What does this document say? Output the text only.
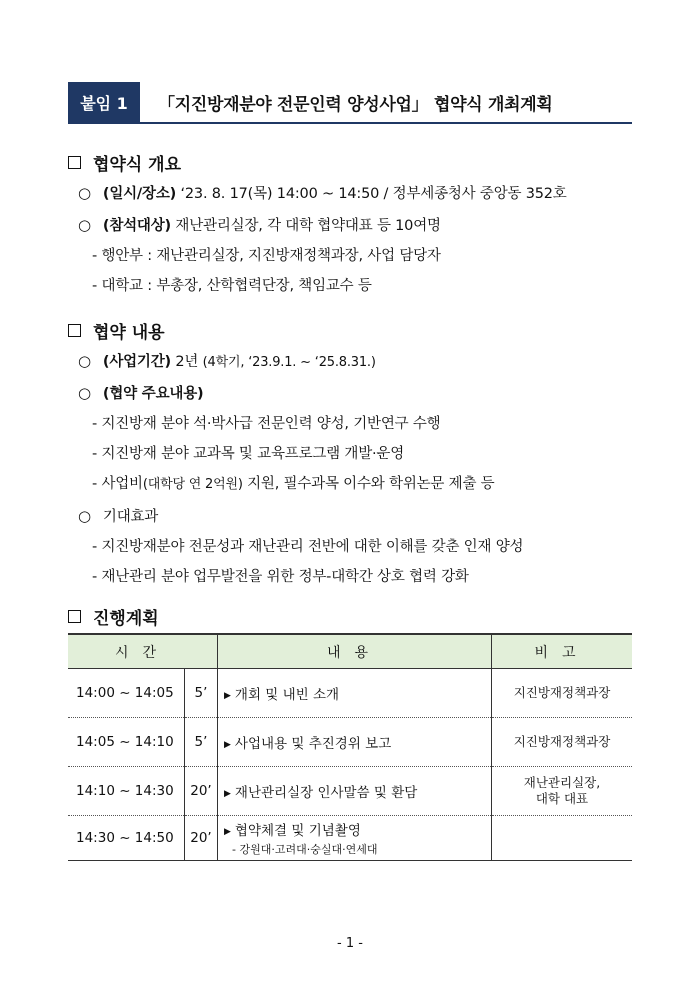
붙임 1	「지진방재분야 전문인력 양성사업」 협약식 개최계획
협약식 개요
○ (일시/장소) ‘23. 8. 17(목) 14:00 ~ 14:50 / 정부세종청사 중앙동 352호
○ (참석대상) 재난관리실장, 각 대학 협약대표 등 10여명
- 행안부 : 재난관리실장, 지진방재정책과장, 사업 담당자
- 대학교 : 부총장, 산학협력단장, 책임교수 등
협약 내용
○ (사업기간) 2년 (4학기, ‘23.9.1. ~ ‘25.8.31.)
○ (협약 주요내용)
- 지진방재 분야 석·박사급 전문인력 양성, 기반연구 수행
- 지진방재 분야 교과목 및 교육프로그램 개발·운영
- 사업비(대학당 연 2억원) 지원, 필수과목 이수와 학위논문 제출 등
○ 기대효과
- 지진방재분야 전문성과 재난관리 전반에 대한 이해를 갖춘 인재 양성
- 재난관리 분야 업무발전을 위한 정부-대학간 상호 협력 강화
진행계획
시간		내용	비고
14:00 ~ 14:05	5’	▶ 개회 및 내빈 소개	지진방재정책과장
14:05 ~ 14:10	5’	▶ 사업내용 및 추진경위 보고	지진방재정책과장
14:10 ~ 14:30	20’	▶ 재난관리실장 인사말씀 및 환담	재난관리실장,
대학 대표
14:30 ~ 14:50	20’	▶ 협약체결 및 기념촬영
- 강원대·고려대·숭실대·연세대	

- 1 -
